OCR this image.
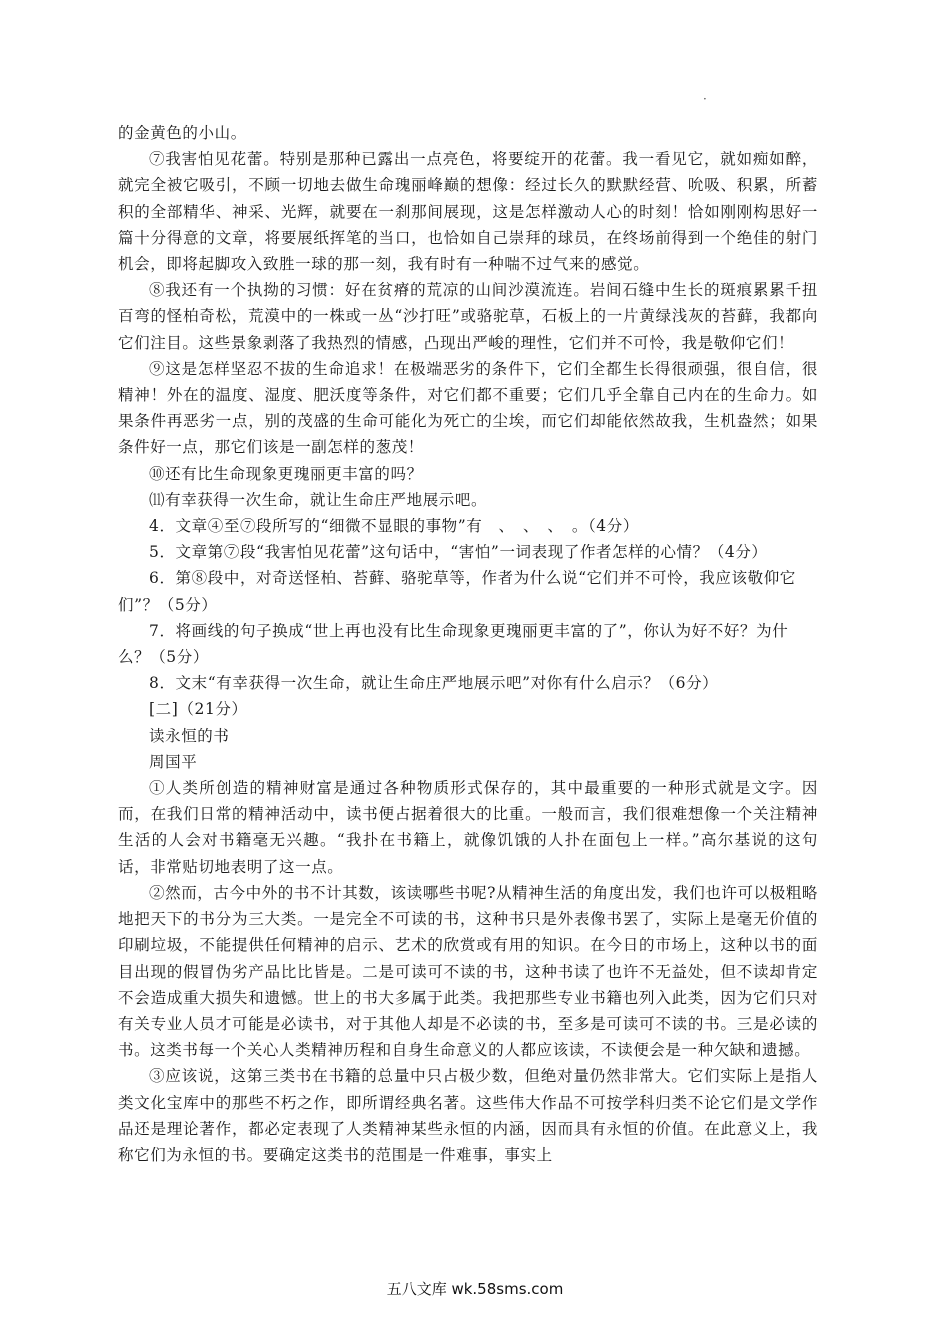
·

的金黄色的小山。

⑦我害怕见花蕾。特别是那种已露出一点亮色，将要绽开的花蕾。我一看见它，就如痴如醉，就完全被它吸引，不顾一切地去做生命瑰丽峰巅的想像：经过长久的默默经营、吮吸、积累，所蓄积的全部精华、神采、光辉，就要在一刹那间展现，这是怎样激动人心的时刻！恰如刚刚构思好一篇十分得意的文章，将要展纸挥笔的当口，也恰如自己崇拜的球员，在终场前得到一个绝佳的射门机会，即将起脚攻入致胜一球的那一刻，我有时有一种喘不过气来的感觉。

⑧我还有一个执拗的习惯：好在贫瘠的荒凉的山间沙漠流连。岩间石缝中生长的斑痕累累千扭百弯的怪柏奇松，荒漠中的一株或一丛“沙打旺”或骆驼草，石板上的一片黄绿浅灰的苔藓，我都向它们注目。这些景象剥落了我热烈的情感，凸现出严峻的理性，它们并不可怜，我是敬仰它们！

⑨这是怎样坚忍不拔的生命追求！在极端恶劣的条件下，它们全都生长得很顽强，很自信，很精神！外在的温度、湿度、肥沃度等条件，对它们都不重要；它们几乎全靠自己内在的生命力。如果条件再恶劣一点，别的茂盛的生命可能化为死亡的尘埃，而它们却能依然故我，生机盎然；如果条件好一点，那它们该是一副怎样的葱茂！

⑩还有比生命现象更瑰丽更丰富的吗？

⑾有幸获得一次生命，就让生命庄严地展示吧。

4．文章④至⑦段所写的“细微不显眼的事物”有　、　、　、　。（4分）

5．文章第⑦段“我害怕见花蕾”这句话中，“害怕”一词表现了作者怎样的心情？（4分）

6．第⑧段中，对奇送怪柏、苔藓、骆驼草等，作者为什么说“它们并不可怜，我应该敬仰它们”？（5分）

7．将画线的句子换成“世上再也没有比生命现象更瑰丽更丰富的了”，你认为好不好？为什么？（5分）

8．文末“有幸获得一次生命，就让生命庄严地展示吧”对你有什么启示？（6分）

[二]（21分）

读永恒的书

周国平

①人类所创造的精神财富是通过各种物质形式保存的，其中最重要的一种形式就是文字。因而，在我们日常的精神活动中，读书便占据着很大的比重。一般而言，我们很难想像一个关注精神生活的人会对书籍毫无兴趣。“我扑在书籍上，就像饥饿的人扑在面包上一样。”高尔基说的这句话，非常贴切地表明了这一点。

②然而，古今中外的书不计其数，该读哪些书呢?从精神生活的角度出发，我们也许可以极粗略地把天下的书分为三大类。一是完全不可读的书，这种书只是外表像书罢了，实际上是毫无价值的印刷垃圾，不能提供任何精神的启示、艺术的欣赏或有用的知识。在今日的市场上，这种以书的面目出现的假冒伪劣产品比比皆是。二是可读可不读的书，这种书读了也许不无益处，但不读却肯定不会造成重大损失和遗憾。世上的书大多属于此类。我把那些专业书籍也列入此类，因为它们只对有关专业人员才可能是必读书，对于其他人却是不必读的书，至多是可读可不读的书。三是必读的书。这类书每一个关心人类精神历程和自身生命意义的人都应该读，不读便会是一种欠缺和遗撼。

③应该说，这第三类书在书籍的总量中只占极少数，但绝对量仍然非常大。它们实际上是指人类文化宝库中的那些不朽之作，即所谓经典名著。这些伟大作品不可按学科归类不论它们是文学作品还是理论著作，都必定表现了人类精神某些永恒的内涵，因而具有永恒的价值。在此意义上，我称它们为永恒的书。要确定这类书的范围是一件难事，事实上

五八文库 wk.58sms.com
